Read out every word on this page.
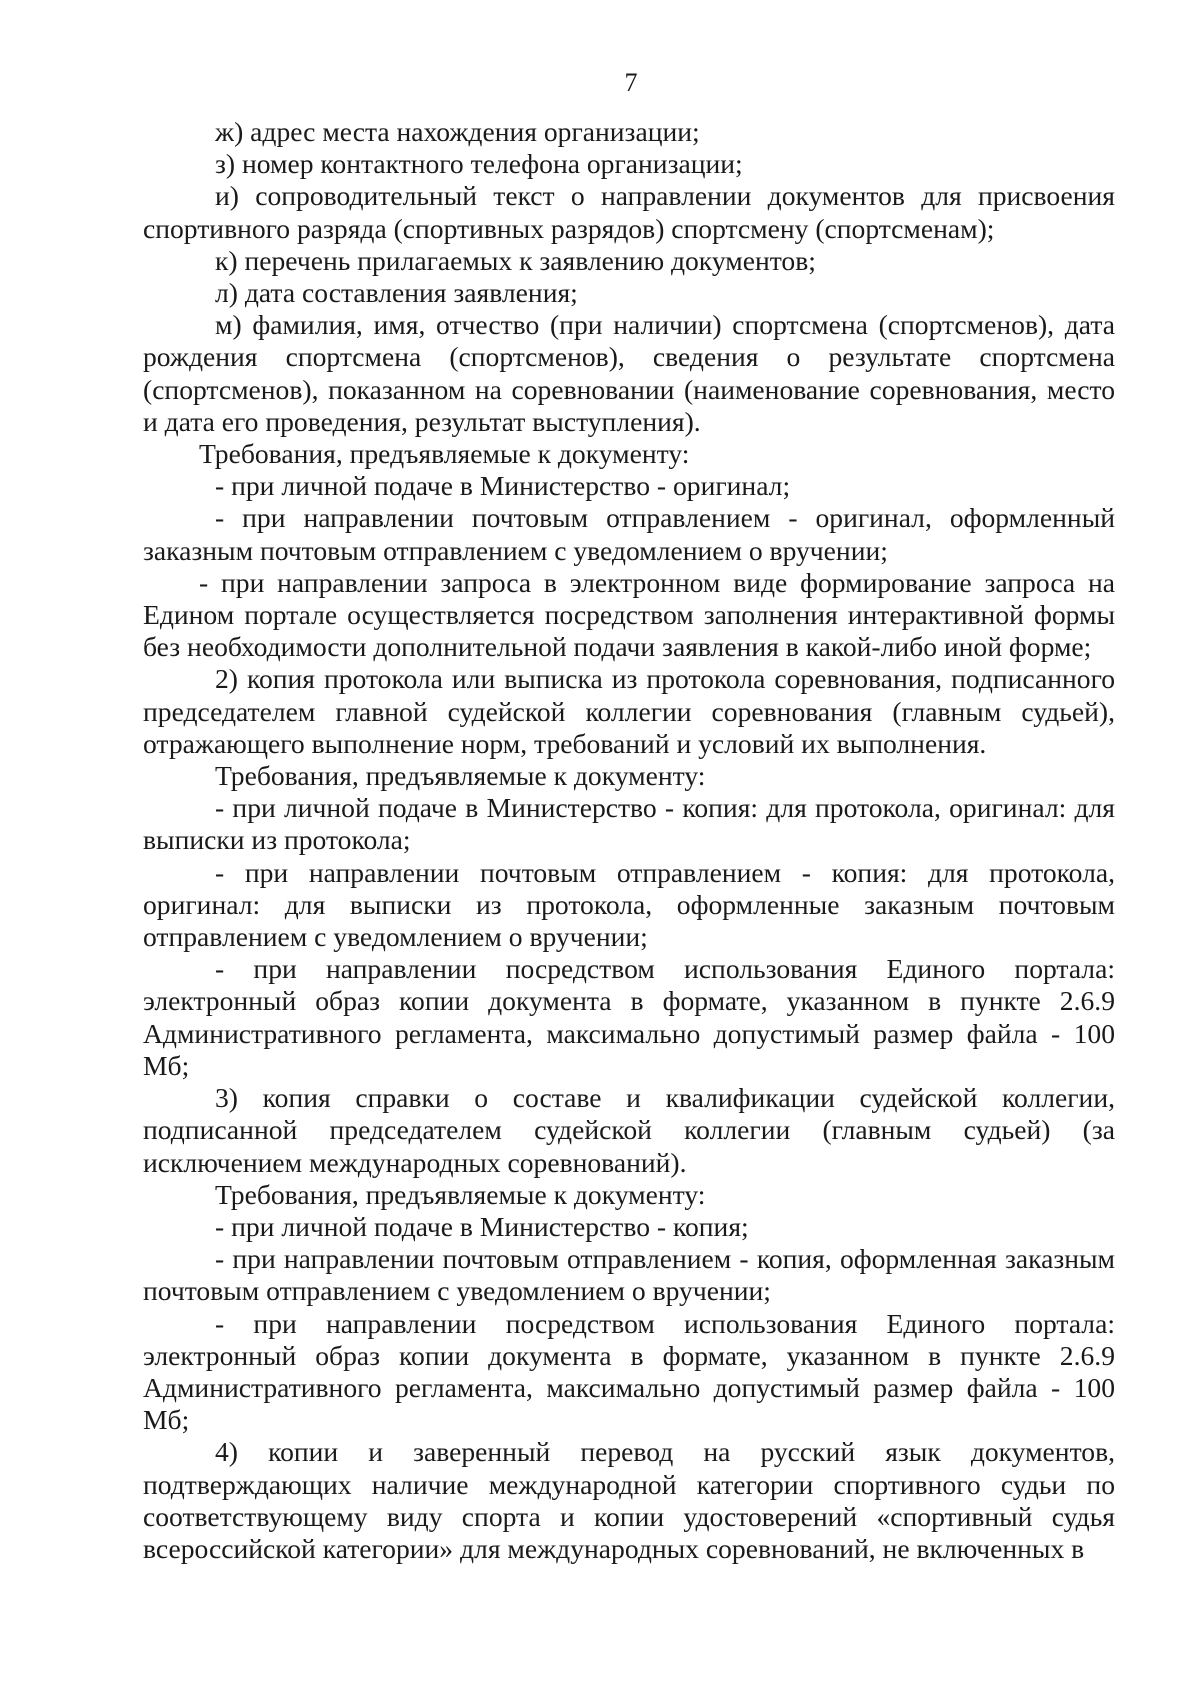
7

ж) адрес места нахождения организации;

з) номер контактного телефона организации;

и) сопроводительный текст о направлении документов для присвоения спортивного разряда (спортивных разрядов) спортсмену (спортсменам);

к) перечень прилагаемых к заявлению документов;

л) дата составления заявления;

м) фамилия, имя, отчество (при наличии) спортсмена (спортсменов), дата рождения спортсмена (спортсменов), сведения о результате спортсмена (спортсменов), показанном на соревновании (наименование соревнования, место и дата его проведения, результат выступления).

Требования, предъявляемые к документу:

- при личной подаче в Министерство - оригинал;

- при направлении почтовым отправлением - оригинал, оформленный заказным почтовым отправлением с уведомлением о вручении;

- при направлении запроса в электронном виде формирование запроса на Едином портале осуществляется посредством заполнения интерактивной формы без необходимости дополнительной подачи заявления в какой-либо иной форме;

2) копия протокола или выписка из протокола соревнования, подписанного председателем главной судейской коллегии соревнования (главным судьей), отражающего выполнение норм, требований и условий их выполнения.

Требования, предъявляемые к документу:

- при личной подаче в Министерство - копия: для протокола, оригинал: для выписки из протокола;

- при направлении почтовым отправлением - копия: для протокола, оригинал: для выписки из протокола, оформленные заказным почтовым отправлением с уведомлением о вручении;

- при направлении посредством использования Единого портала: электронный образ копии документа в формате, указанном в пункте 2.6.9 Административного регламента, максимально допустимый размер файла - 100 Мб;

3) копия справки о составе и квалификации судейской коллегии, подписанной председателем судейской коллегии (главным судьей) (за исключением международных соревнований).

Требования, предъявляемые к документу:

- при личной подаче в Министерство - копия;

- при направлении почтовым отправлением - копия, оформленная заказным почтовым отправлением с уведомлением о вручении;

- при направлении посредством использования Единого портала: электронный образ копии документа в формате, указанном в пункте 2.6.9 Административного регламента, максимально допустимый размер файла - 100 Мб;

4) копии и заверенный перевод на русский язык документов, подтверждающих наличие международной категории спортивного судьи по соответствующему виду спорта и копии удостоверений «спортивный судья всероссийской категории» для международных соревнований, не включенных в
